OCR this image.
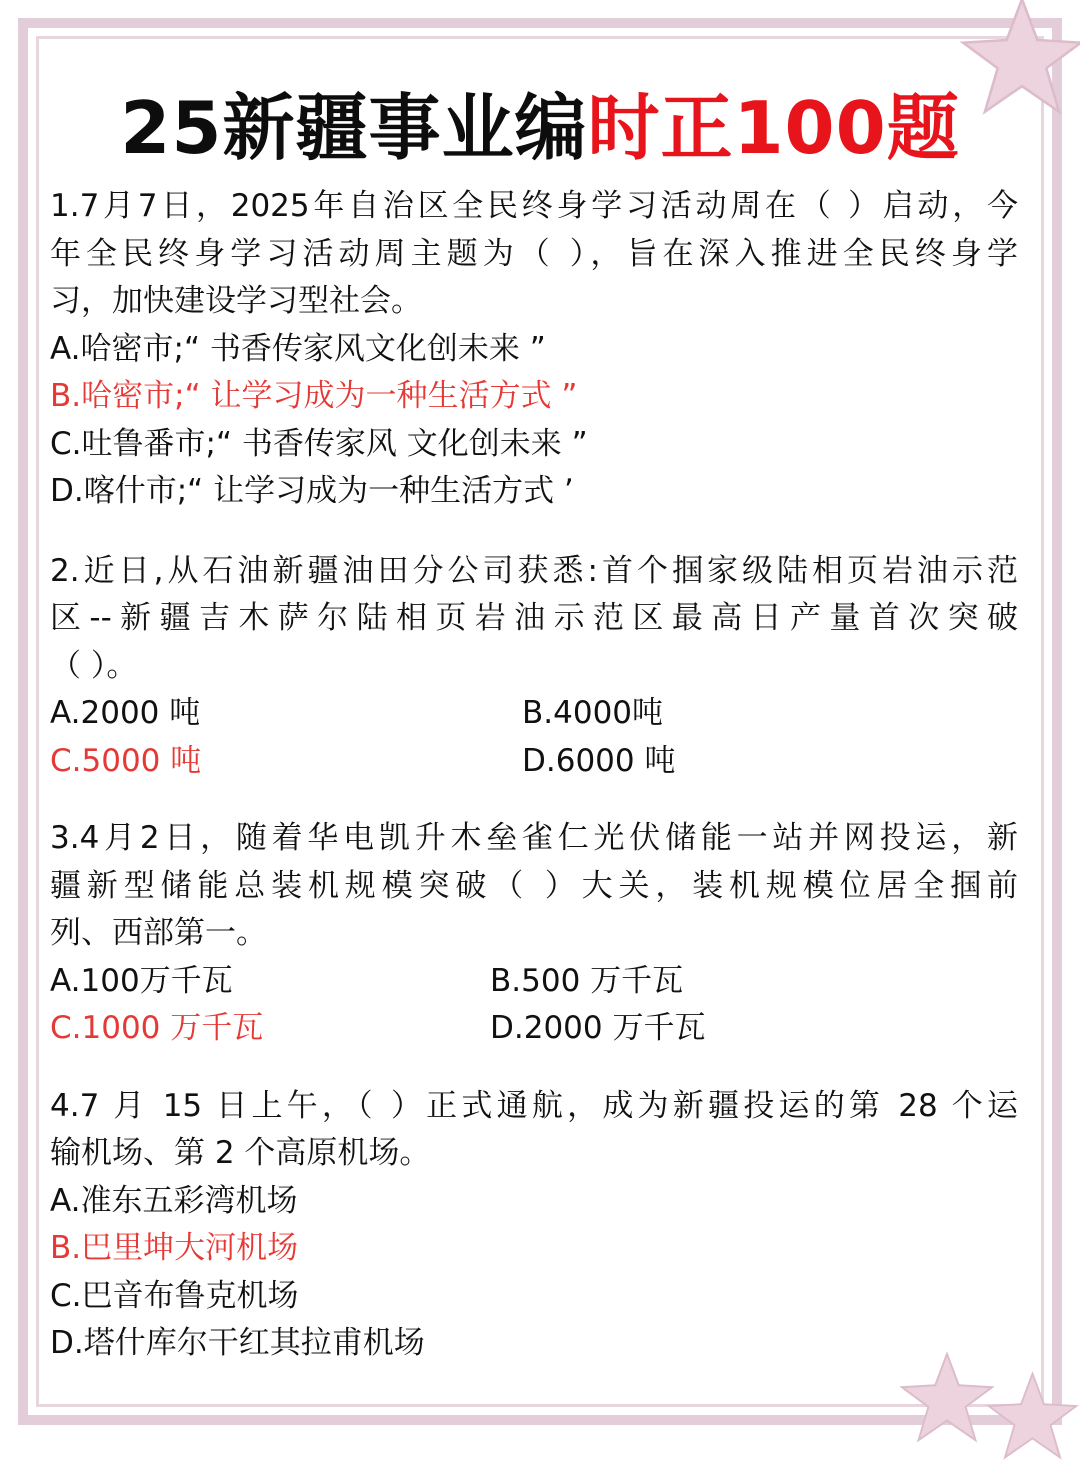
25新疆事业编时正100题
1.7月7日，2025年自治区全民终身学习活动周在（ ）启动，今
年全民终身学习活动周主题为（ ），旨在深入推进全民终身学
习，加快建设学习型社会。
A.哈密市;“ 书香传家风文化创未来 ”
B.哈密市;“ 让学习成为一种生活方式 ”
C.吐鲁番市;“ 书香传家风 文化创未来 ”
D.喀什市;“ 让学习成为一种生活方式 ’
2.近日,从石油新疆油田分公司获悉:首个掴家级陆相页岩油示范
区--新疆吉木萨尔陆相页岩油示范区最高日产量首次突破
（ ）。
A.2000 吨	B.4000吨
C.5000 吨	D.6000 吨
3.4月2日，随着华电凯升木垒雀仁光伏储能一站并网投运，新
疆新型储能总装机规模突破（ ）大关，装机规模位居全掴前
列、西部第一。
A.100万千瓦	B.500 万千瓦
C.1000 万千瓦	D.2000 万千瓦
4.7 月 15 日上午，（ ）正式通航，成为新疆投运的第 28 个运
输机场、第 2 个高原机场。
A.准东五彩湾机场
B.巴里坤大河机场
C.巴音布鲁克机场
D.塔什库尔干红其拉甫机场
